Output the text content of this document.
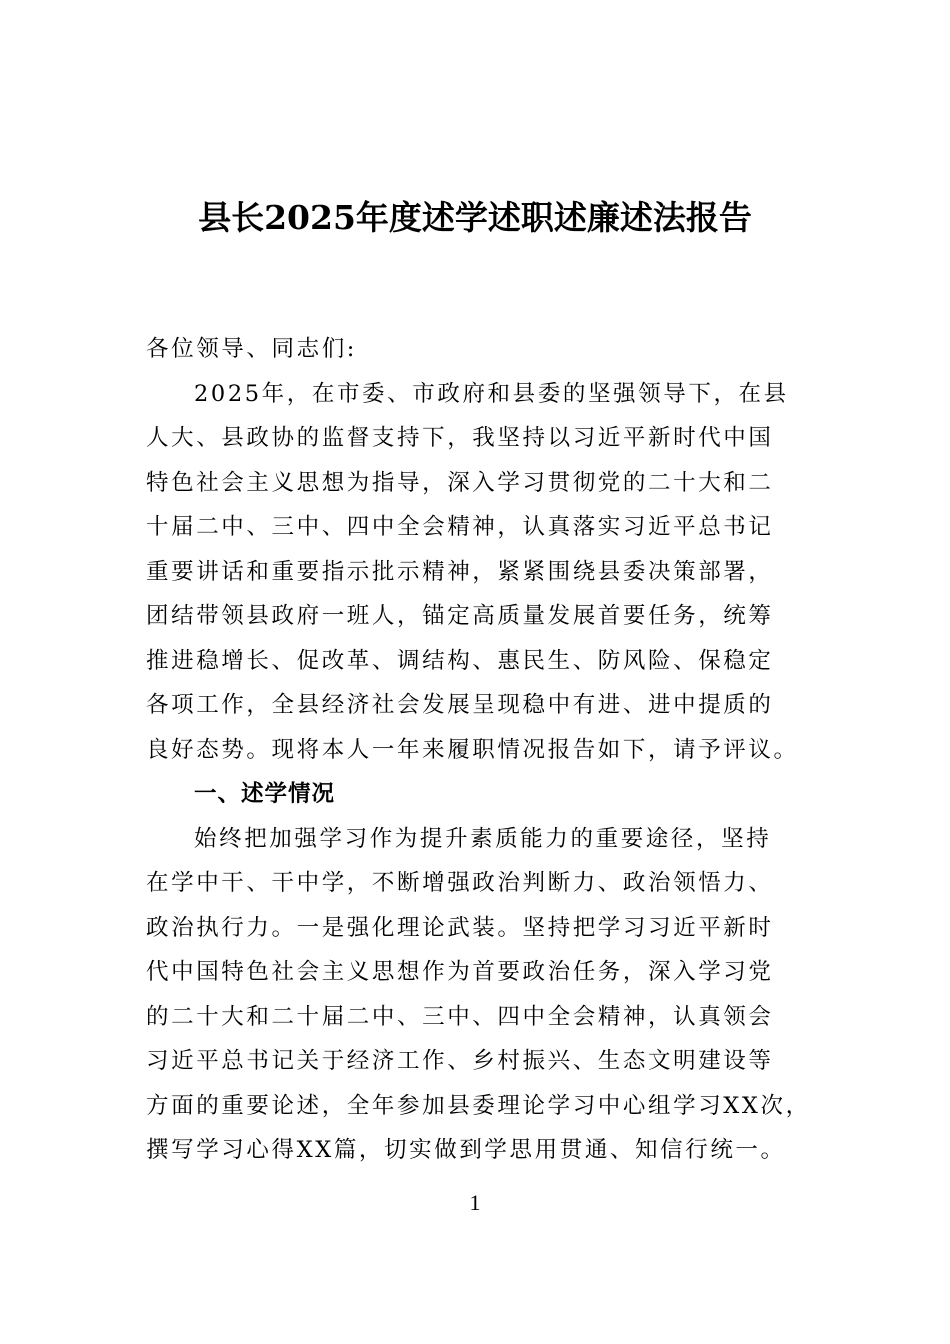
县长2025年度述学述职述廉述法报告
各位领导、同志们:
2025年，在市委、市政府和县委的坚强领导下，在县
人大、县政协的监督支持下，我坚持以习近平新时代中国
特色社会主义思想为指导，深入学习贯彻党的二十大和二
十届二中、三中、四中全会精神，认真落实习近平总书记
重要讲话和重要指示批示精神，紧紧围绕县委决策部署，
团结带领县政府一班人，锚定高质量发展首要任务，统筹
推进稳增长、促改革、调结构、惠民生、防风险、保稳定
各项工作，全县经济社会发展呈现稳中有进、进中提质的
良好态势。现将本人一年来履职情况报告如下，请予评议。
一、述学情况
始终把加强学习作为提升素质能力的重要途径，坚持
在学中干、干中学，不断增强政治判断力、政治领悟力、
政治执行力。一是强化理论武装。坚持把学习习近平新时
代中国特色社会主义思想作为首要政治任务，深入学习党
的二十大和二十届二中、三中、四中全会精神，认真领会
习近平总书记关于经济工作、乡村振兴、生态文明建设等
方面的重要论述，全年参加县委理论学习中心组学习XX次，
撰写学习心得XX篇，切实做到学思用贯通、知信行统一。
1
